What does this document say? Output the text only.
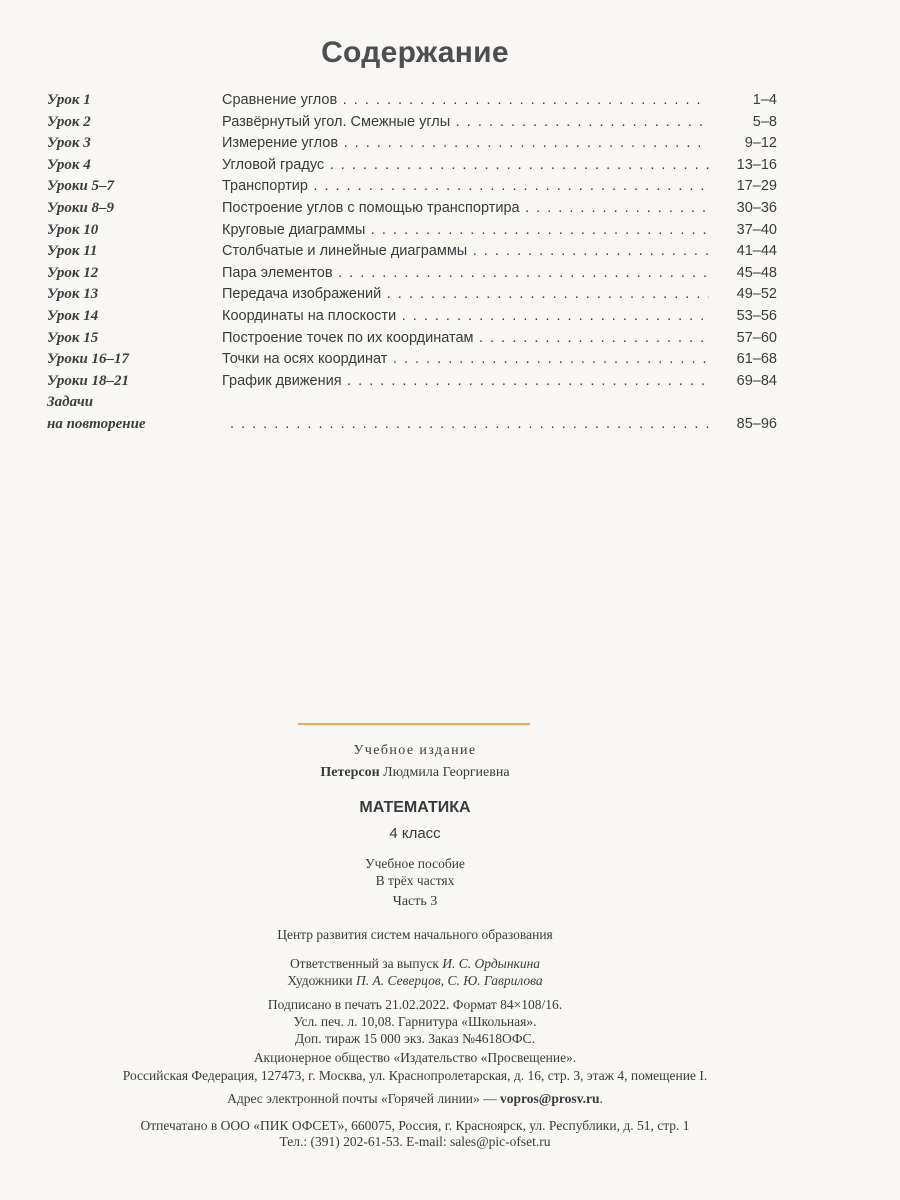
Содержание
Урок 1	Сравнение углов . . .	1–4
Урок 2	Развёрнутый угол. Смежные углы . . .	5–8
Урок 3	Измерение углов . . .	9–12
Урок 4	Угловой градус . . .	13–16
Уроки 5–7	Транспортир . . .	17–29
Уроки 8–9	Построение углов с помощью транспортира . . .	30–36
Урок 10	Круговые диаграммы . . .	37–40
Урок 11	Столбчатые и линейные диаграммы . . .	41–44
Урок 12	Пара элементов . . .	45–48
Урок 13	Передача изображений . . .	49–52
Урок 14	Координаты на плоскости . . .	53–56
Урок 15	Построение точек по их координатам . . .	57–60
Уроки 16–17	Точки на осях координат . . .	61–68
Уроки 18–21	График движения . . .	69–84
Задачи
на повторение
. . .	85–96
Учебное издание
Петерсон Людмила Георгиевна
МАТЕМАТИКА
4 класс
Учебное пособие
В трёх частях
Часть 3
Центр развития систем начального образования
Ответственный за выпуск И. С. Ордынкина
Художники П. А. Северцов, С. Ю. Гаврилова
Подписано в печать 21.02.2022. Формат 84×108/16.
Усл. печ. л. 10,08. Гарнитура «Школьная».
Доп. тираж 15 000 экз. Заказ №4618ОФС.
Акционерное общество «Издательство «Просвещение».
Российская Федерация, 127473, г. Москва, ул. Краснопролетарская, д. 16, стр. 3, этаж 4, помещение I.
Адрес электронной почты «Горячей линии» — vopros@prosv.ru.
Отпечатано в ООО «ПИК ОФСЕТ», 660075, Россия, г. Красноярск, ул. Республики, д. 51, стр. 1
Тел.: (391) 202-61-53. E-mail: sales@pic-ofset.ru
